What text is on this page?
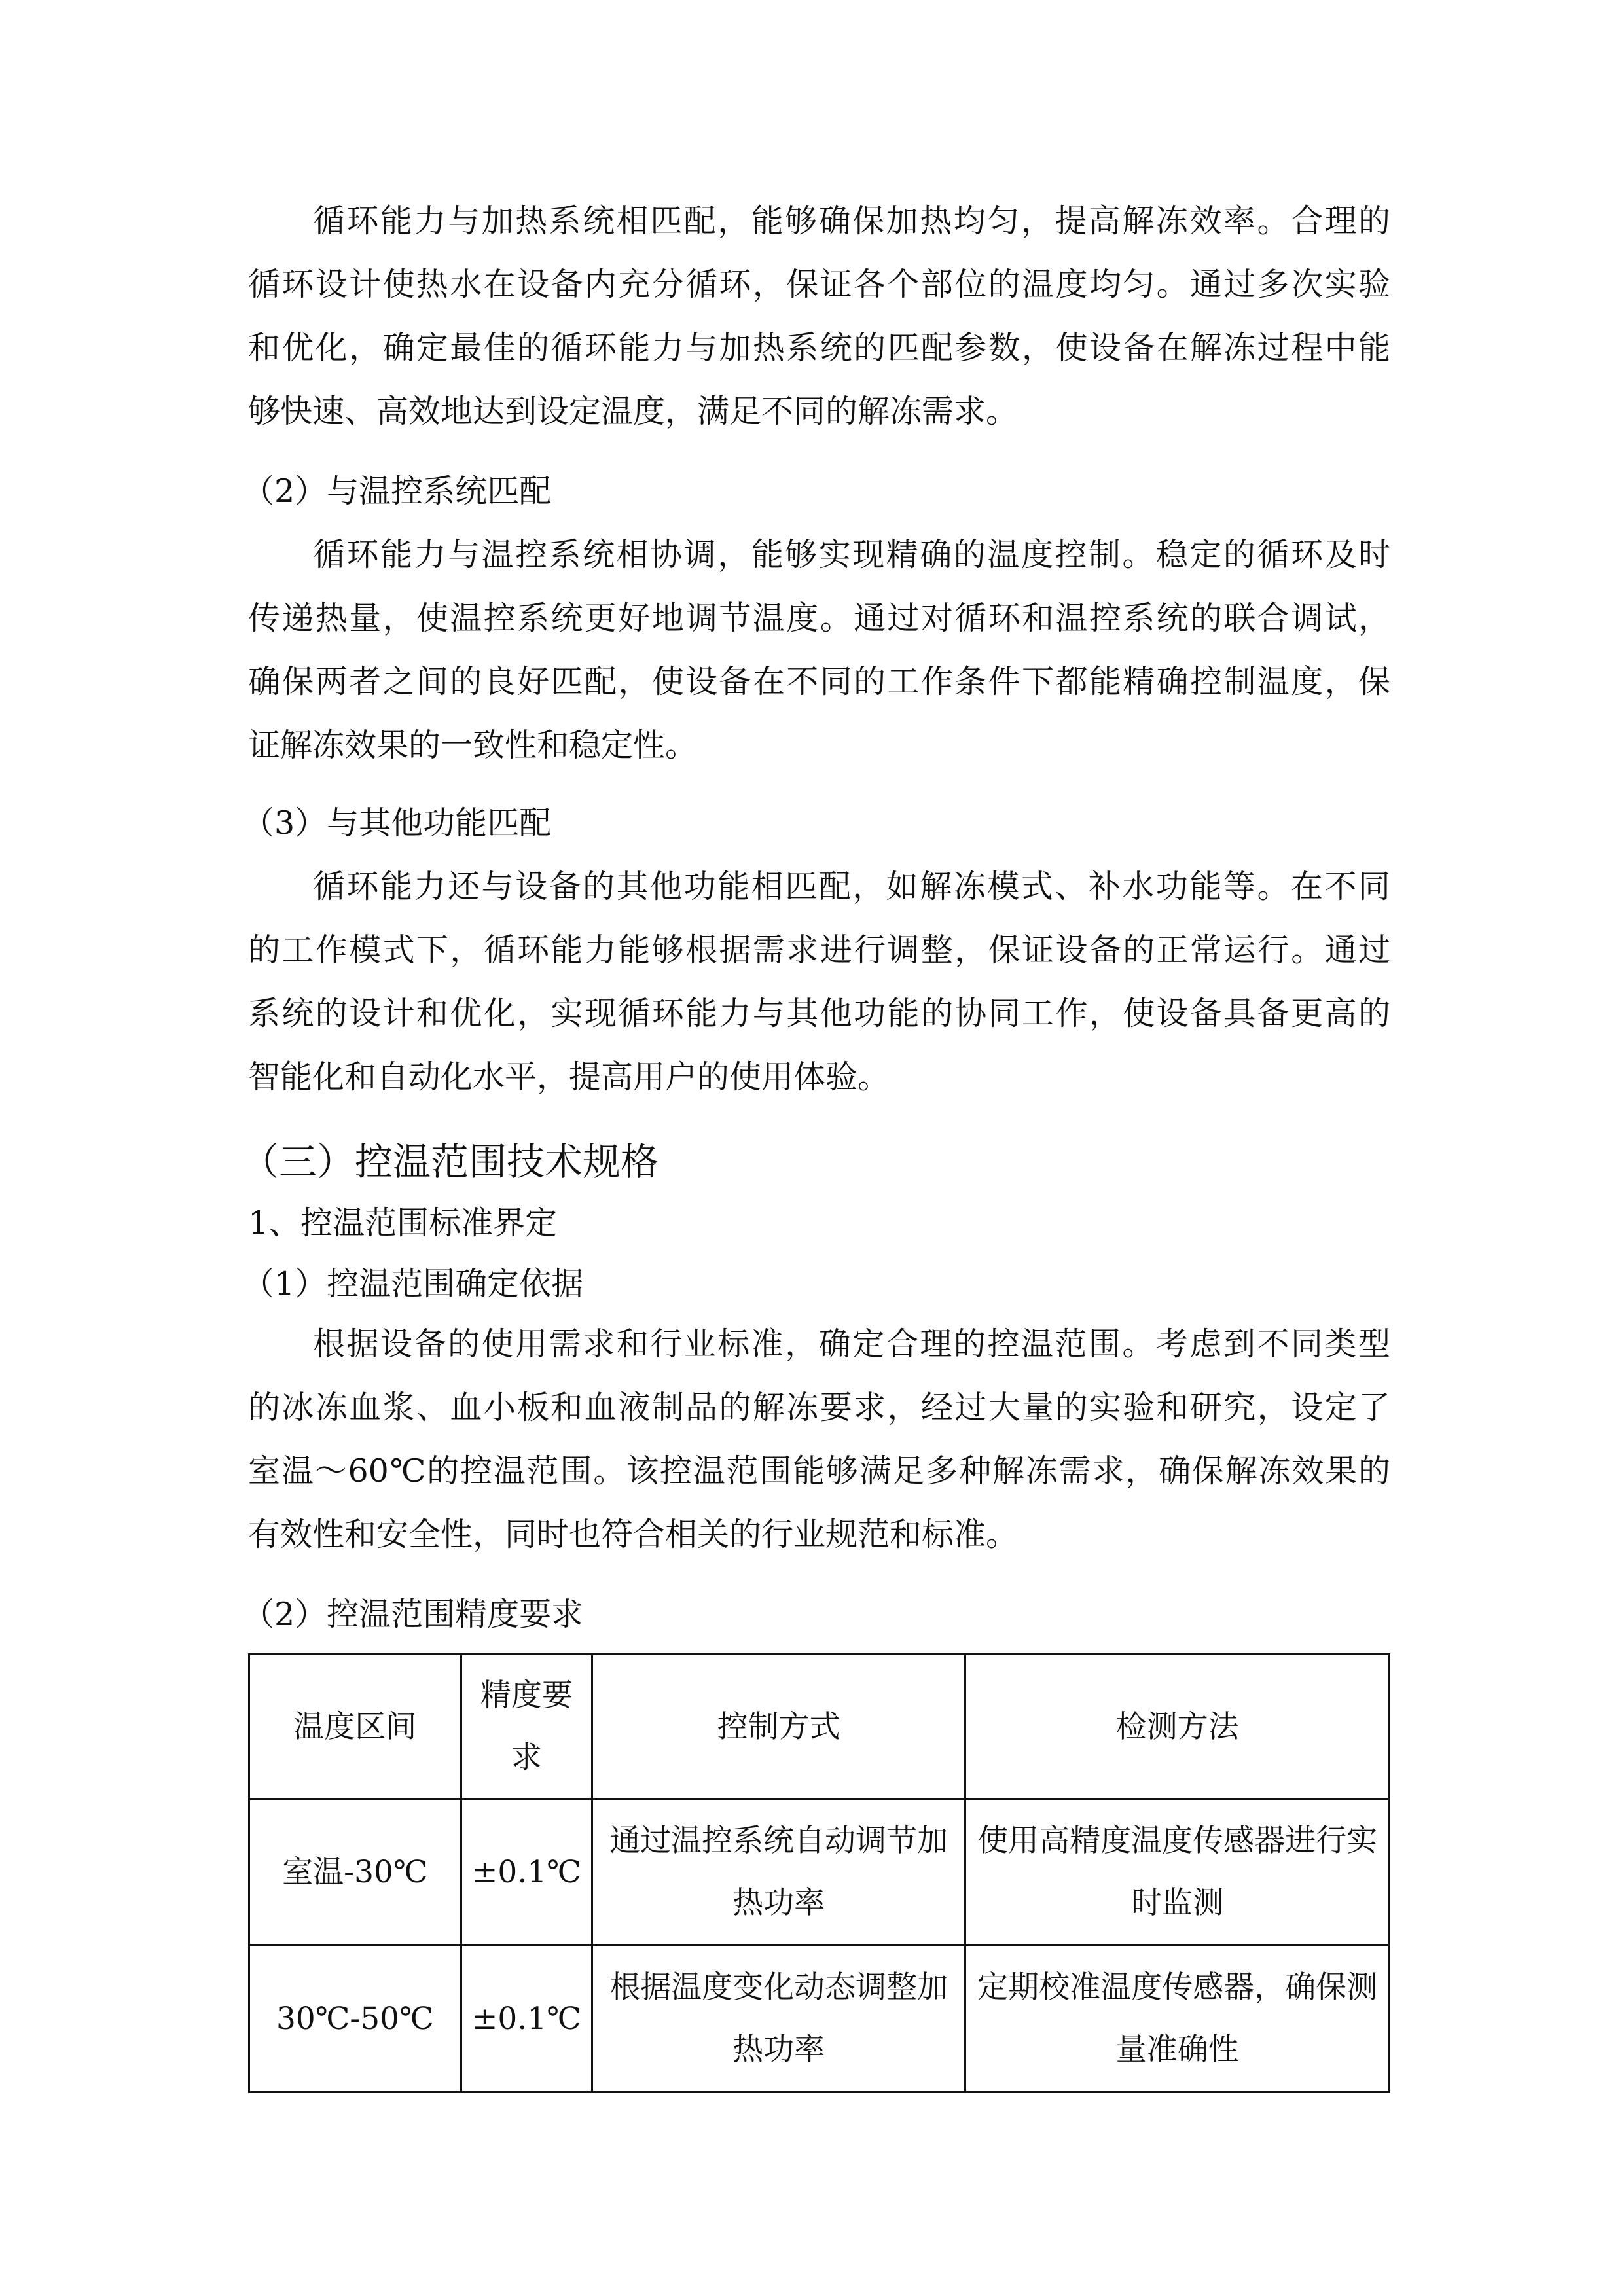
循环能力与加热系统相匹配，能够确保加热均匀，提高解冻效率。合理的
循环设计使热水在设备内充分循环，保证各个部位的温度均匀。通过多次实验
和优化，确定最佳的循环能力与加热系统的匹配参数，使设备在解冻过程中能
够快速、高效地达到设定温度，满足不同的解冻需求。
（2）与温控系统匹配
循环能力与温控系统相协调，能够实现精确的温度控制。稳定的循环及时
传递热量，使温控系统更好地调节温度。通过对循环和温控系统的联合调试，
确保两者之间的良好匹配，使设备在不同的工作条件下都能精确控制温度，保
证解冻效果的一致性和稳定性。
（3）与其他功能匹配
循环能力还与设备的其他功能相匹配，如解冻模式、补水功能等。在不同
的工作模式下，循环能力能够根据需求进行调整，保证设备的正常运行。通过
系统的设计和优化，实现循环能力与其他功能的协同工作，使设备具备更高的
智能化和自动化水平，提高用户的使用体验。
（三）控温范围技术规格
1、控温范围标准界定
（1）控温范围确定依据
根据设备的使用需求和行业标准，确定合理的控温范围。考虑到不同类型
的冰冻血浆、血小板和血液制品的解冻要求，经过大量的实验和研究，设定了
室温～60℃的控温范围。该控温范围能够满足多种解冻需求，确保解冻效果的
有效性和安全性，同时也符合相关的行业规范和标准。
（2）控温范围精度要求
温度区间	精度要求	控制方式	检测方法
室温-30℃	±0.1℃	通过温控系统自动调节加热功率	使用高精度温度传感器进行实时监测
30℃-50℃	±0.1℃	根据温度变化动态调整加热功率	定期校准温度传感器，确保测量准确性
